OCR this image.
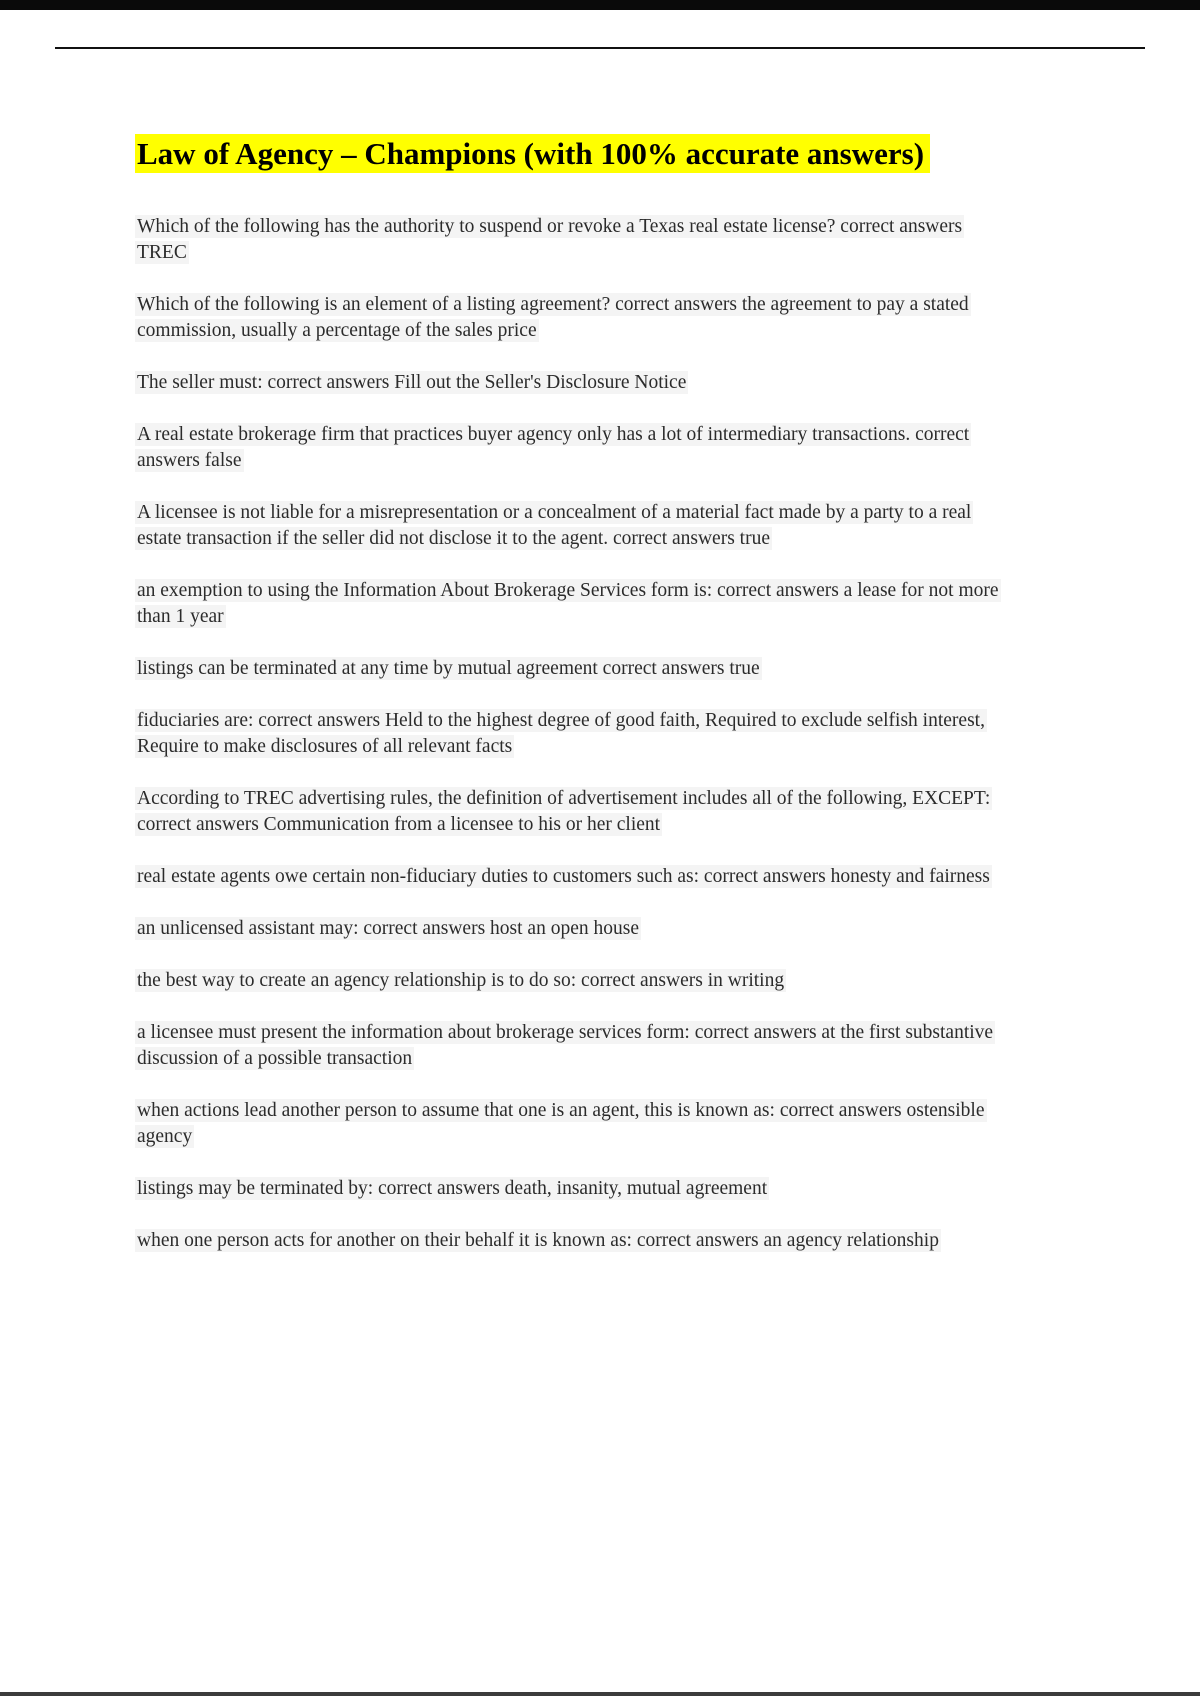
Law of Agency – Champions (with 100% accurate answers)

Which of the following has the authority to suspend or revoke a Texas real estate license? correct answers TREC

Which of the following is an element of a listing agreement? correct answers the agreement to pay a stated commission, usually a percentage of the sales price

The seller must: correct answers Fill out the Seller's Disclosure Notice

A real estate brokerage firm that practices buyer agency only has a lot of intermediary transactions. correct answers false

A licensee is not liable for a misrepresentation or a concealment of a material fact made by a party to a real estate transaction if the seller did not disclose it to the agent. correct answers true

an exemption to using the Information About Brokerage Services form is: correct answers a lease for not more than 1 year

listings can be terminated at any time by mutual agreement correct answers true

fiduciaries are: correct answers Held to the highest degree of good faith, Required to exclude selfish interest, Require to make disclosures of all relevant facts

According to TREC advertising rules, the definition of advertisement includes all of the following, EXCEPT: correct answers Communication from a licensee to his or her client

real estate agents owe certain non-fiduciary duties to customers such as: correct answers honesty and fairness

an unlicensed assistant may: correct answers host an open house

the best way to create an agency relationship is to do so: correct answers in writing

a licensee must present the information about brokerage services form: correct answers at the first substantive discussion of a possible transaction

when actions lead another person to assume that one is an agent, this is known as: correct answers ostensible agency

listings may be terminated by: correct answers death, insanity, mutual agreement

when one person acts for another on their behalf it is known as: correct answers an agency relationship
